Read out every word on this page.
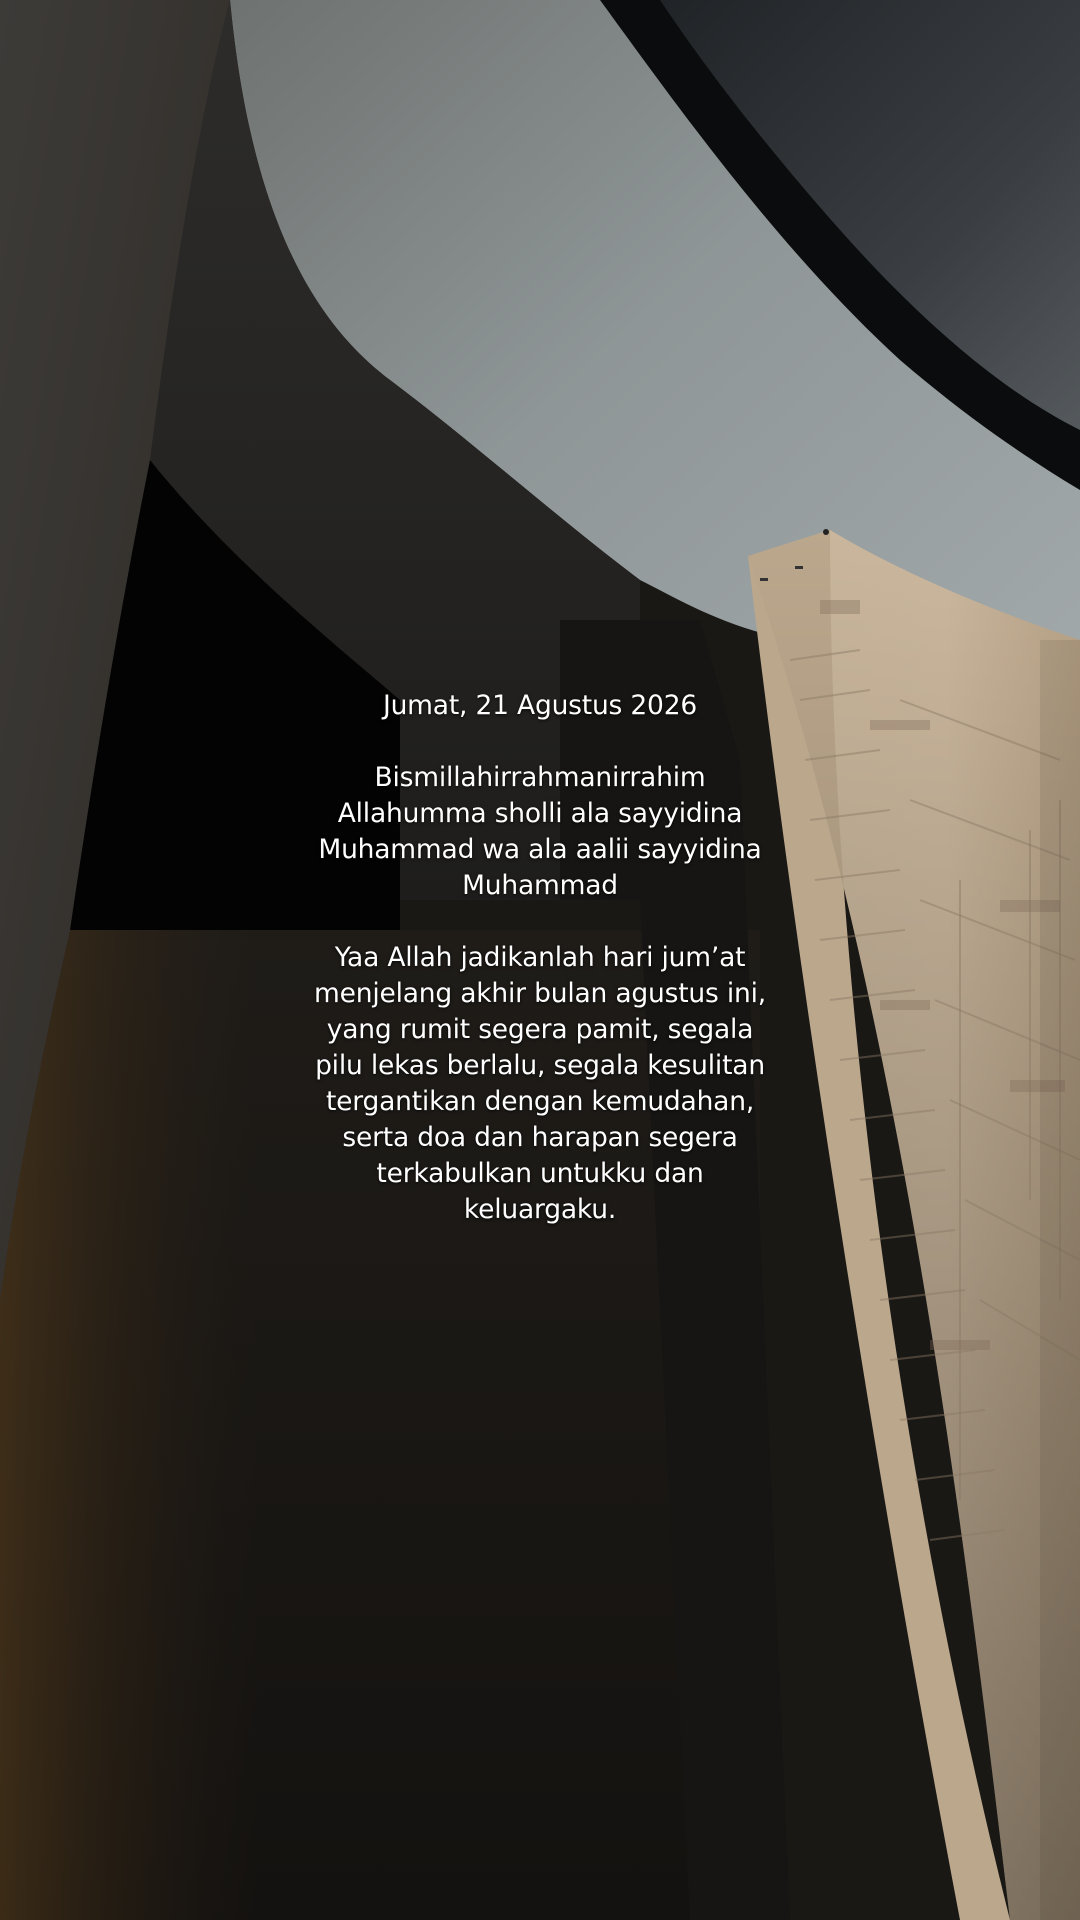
Jumat, 21 Agustus 2026

Bismillahirrahmanirrahim
Allahumma sholli ala sayyidina
Muhammad wa ala aalii sayyidina
Muhammad

Yaa Allah jadikanlah hari jum’at
menjelang akhir bulan agustus ini,
yang rumit segera pamit, segala
pilu lekas berlalu, segala kesulitan
tergantikan dengan kemudahan,
serta doa dan harapan segera
terkabulkan untukku dan
keluargaku.
